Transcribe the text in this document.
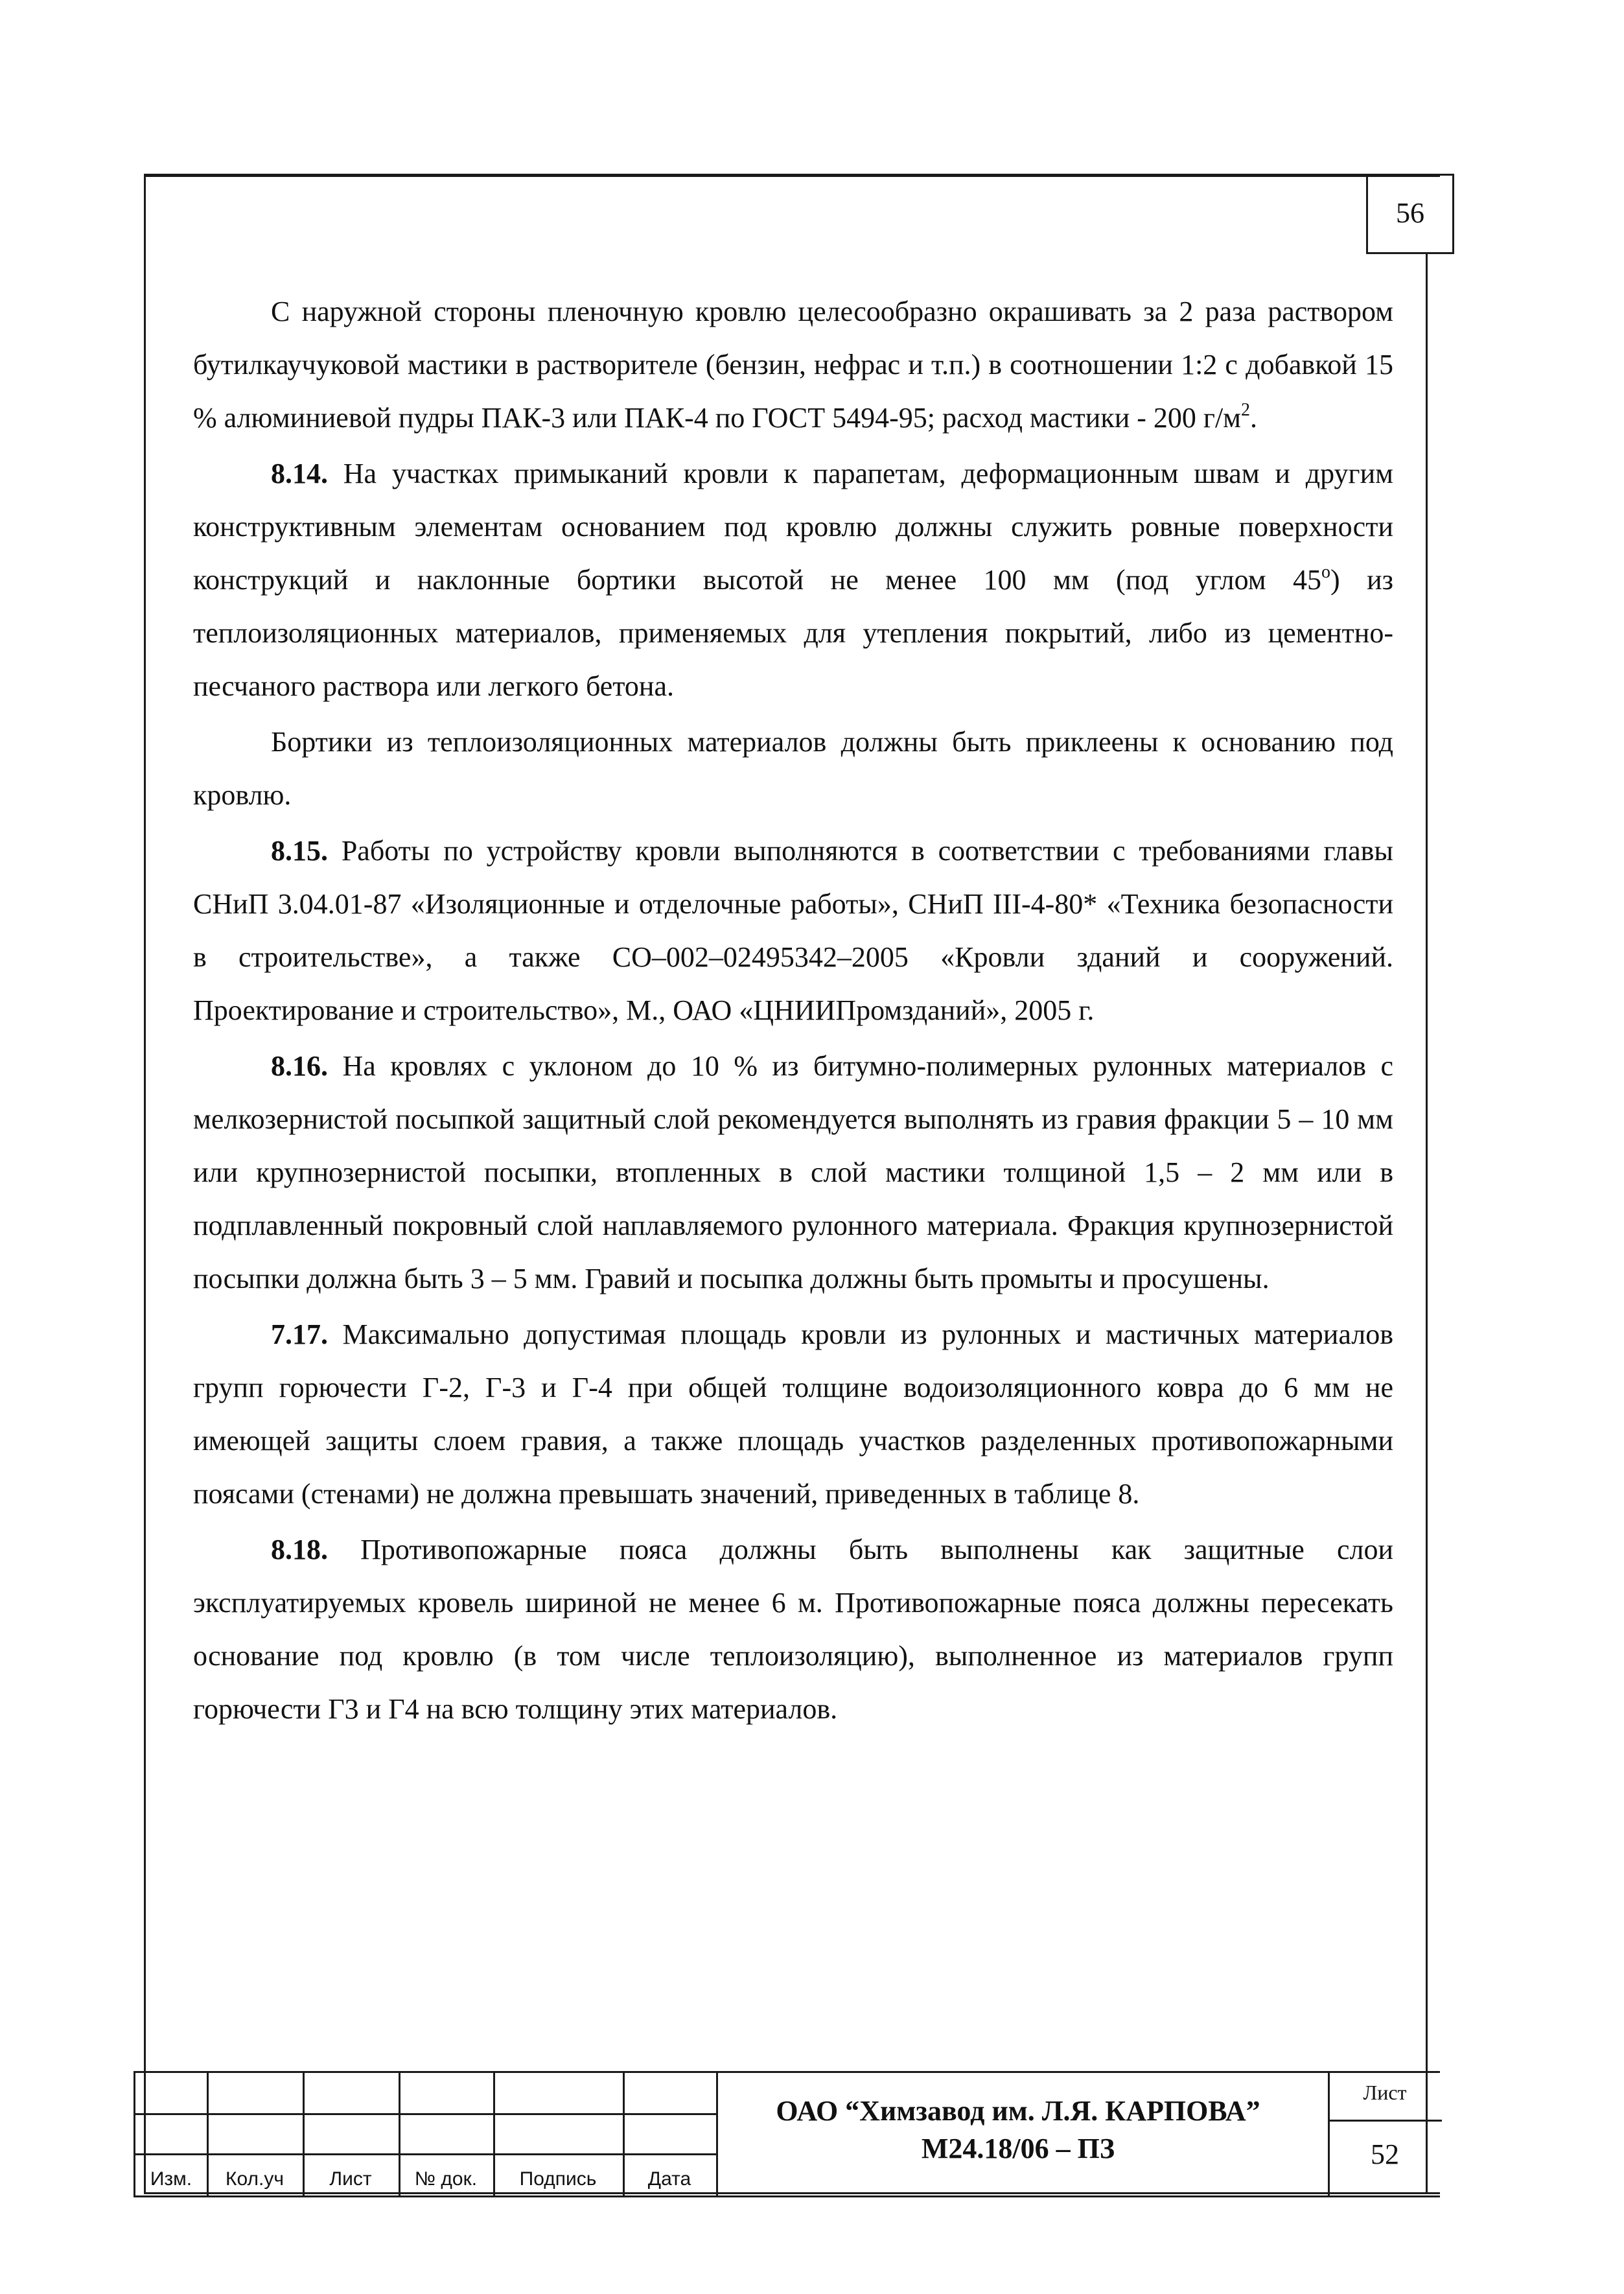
56

С наружной стороны пленочную кровлю целесообразно окрашивать за 2 раза раствором бутилкаучуковой мастики в растворителе (бензин, нефрас и т.п.) в соотношении 1:2 с добавкой 15 % алюминиевой пудры ПАК-3 или ПАК-4 по ГОСТ 5494-95; расход мастики - 200 $г/м^2$.

8.14. На участках примыканий кровли к парапетам, деформационным швам и другим конструктивным элементам основанием под кровлю должны служить ровные поверхности конструкций и наклонные бортики высотой не менее 100 мм (под углом 45$^o$) из теплоизоляционных материалов, применяемых для утепления покрытий, либо из цементно-песчаного раствора или легкого бетона.

Бортики из теплоизоляционных материалов должны быть приклеены к основанию под кровлю.

8.15. Работы по устройству кровли выполняются в соответствии с требованиями главы СНиП 3.04.01-87 «Изоляционные и отделочные работы», СНиП III-4-80* «Техника безопасности в строительстве», а также СО–002–02495342–2005 «Кровли зданий и сооружений. Проектирование и строительство», М., ОАО «ЦНИИПромзданий», 2005 г.

8.16. На кровлях с уклоном до 10 % из битумно-полимерных рулонных материалов с мелкозернистой посыпкой защитный слой рекомендуется выполнять из гравия фракции 5 – 10 мм или крупнозернистой посыпки, втопленных в слой мастики толщиной 1,5 – 2 мм или в подплавленный покровный слой наплавляемого рулонного материала. Фракция крупнозернистой посыпки должна быть 3 – 5 мм. Гравий и посыпка должны быть промыты и просушены.

7.17. Максимально допустимая площадь кровли из рулонных и мастичных материалов групп горючести Г-2, Г-3 и Г-4 при общей толщине водоизоляционного ковра до 6 мм не имеющей защиты слоем гравия, а также площадь участков разделенных противопожарными поясами (стенами) не должна превышать значений, приведенных в таблице 8.

8.18. Противопожарные пояса должны быть выполнены как защитные слои эксплуатируемых кровель шириной не менее 6 м. Противопожарные пояса должны пересекать основание под кровлю (в том числе теплоизоляцию), выполненное из материалов групп горючести Г3 и Г4 на всю толщину этих материалов.

Изм.	Кол.уч	Лист	№ док.	Подпись	Дата
ОАО “Химзавод им. Л.Я. КАРПОВА”
М24.18/06 – ПЗ
Лист
52
